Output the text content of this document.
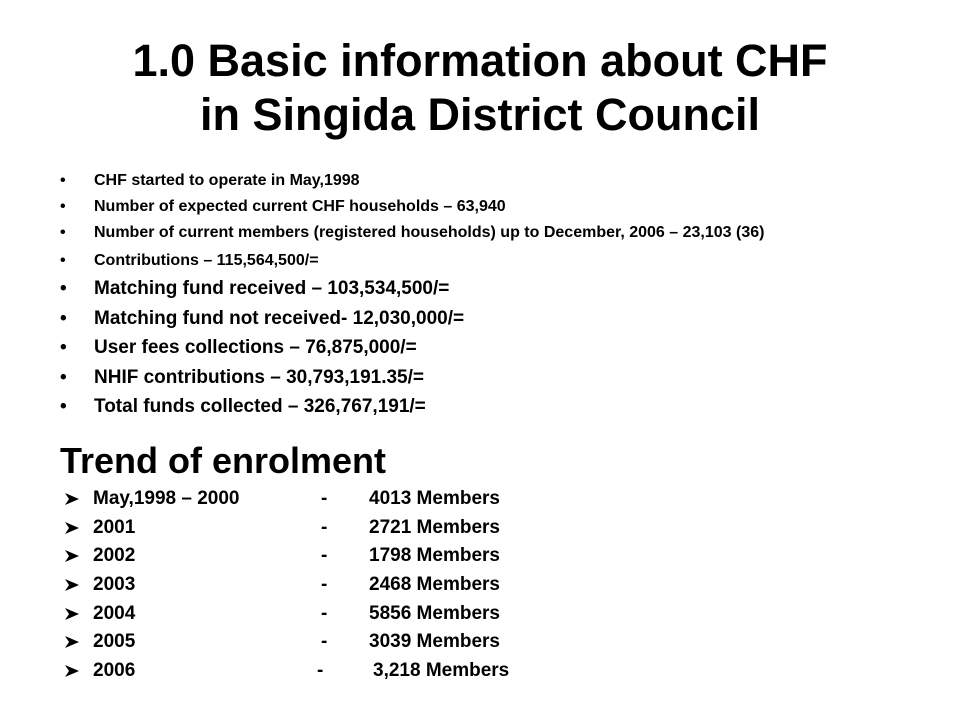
1.0 Basic information about CHF
in Singida District Council
• CHF started to operate in May,1998
• Number of expected current CHF households – 63,940
• Number of current members (registered households) up to December, 2006 – 23,103 (36)
• Contributions – 115,564,500/=
• Matching fund received – 103,534,500/=
• Matching fund not received- 12,030,000/=
• User fees collections – 76,875,000/=
• NHIF contributions – 30,793,191.35/=
• Total funds collected – 326,767,191/=
Trend of enrolment
May,1998 – 2000	- 4013 Members
2001	- 2721 Members
2002	- 1798 Members
2003	- 2468 Members
2004	- 5856 Members
2005	- 3039 Members
2006	-	3,218 Members
